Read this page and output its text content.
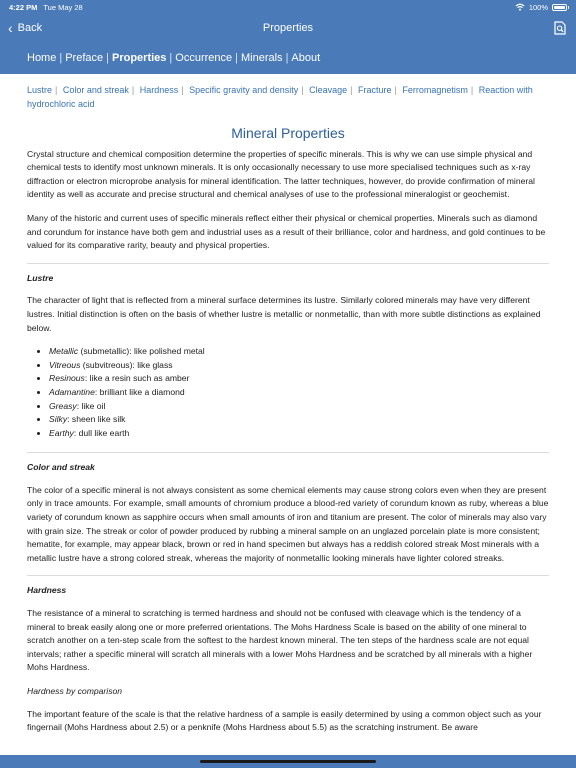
4:22 PM Tue May 28	100%
‹ Back	Properties
Home | Preface | Properties | Occurrence | Minerals | About
Lustre | Color and streak | Hardness | Specific gravity and density | Cleavage | Fracture | Ferromagnetism | Reaction with hydrochloric acid
Mineral Properties

Crystal structure and chemical composition determine the properties of specific minerals. This is why we can use simple physical and chemical tests to identify most unknown minerals. It is only occasionally necessary to use more specialised techniques such as x-ray diffraction or electron microprobe analysis for mineral identification. The latter techniques, however, do provide confirmation of mineral identity as well as accurate and precise structural and chemical analyses of use to the professional mineralogist or geochemist.

Many of the historic and current uses of specific minerals reflect either their physical or chemical properties. Minerals such as diamond and corundum for instance have both gem and industrial uses as a result of their brilliance, color and hardness, and gold continues to be valued for its comparative rarity, beauty and physical properties.

Lustre

The character of light that is reflected from a mineral surface determines its lustre. Similarly colored minerals may have very different lustres. Initial distinction is often on the basis of whether lustre is metallic or nonmetallic, than with more subtle distinctions as explained below.

• Metallic (submetallic): like polished metal
• Vitreous (subvitreous): like glass
• Resinous: like a resin such as amber
• Adamantine: brilliant like a diamond
• Greasy: like oil
• Silky: sheen like silk
• Earthy: dull like earth
Color and streak

The color of a specific mineral is not always consistent as some chemical elements may cause strong colors even when they are present only in trace amounts. For example, small amounts of chromium produce a blood-red variety of corundum known as ruby, whereas a blue variety of corundum known as sapphire occurs when small amounts of iron and titanium are present. The color of minerals may also vary with grain size. The streak or color of powder produced by rubbing a mineral sample on an unglazed porcelain plate is more consistent; hematite, for example, may appear black, brown or red in hand specimen but always has a reddish colored streak Most minerals with a metallic lustre have a strong colored streak, whereas the majority of nonmetallic looking minerals have lighter colored streaks.

Hardness

The resistance of a mineral to scratching is termed hardness and should not be confused with cleavage which is the tendency of a mineral to break easily along one or more preferred orientations. The Mohs Hardness Scale is based on the ability of one mineral to scratch another on a ten-step scale from the softest to the hardest known mineral. The ten steps of the hardness scale are not equal intervals; rather a specific mineral will scratch all minerals with a lower Mohs Hardness and be scratched by all minerals with a higher Mohs Hardness.

Hardness by comparison

The important feature of the scale is that the relative hardness of a sample is easily determined by using a common object such as your fingernail (Mohs Hardness about 2.5) or a penknife (Mohs Hardness about 5.5) as the scratching instrument. Be aware
